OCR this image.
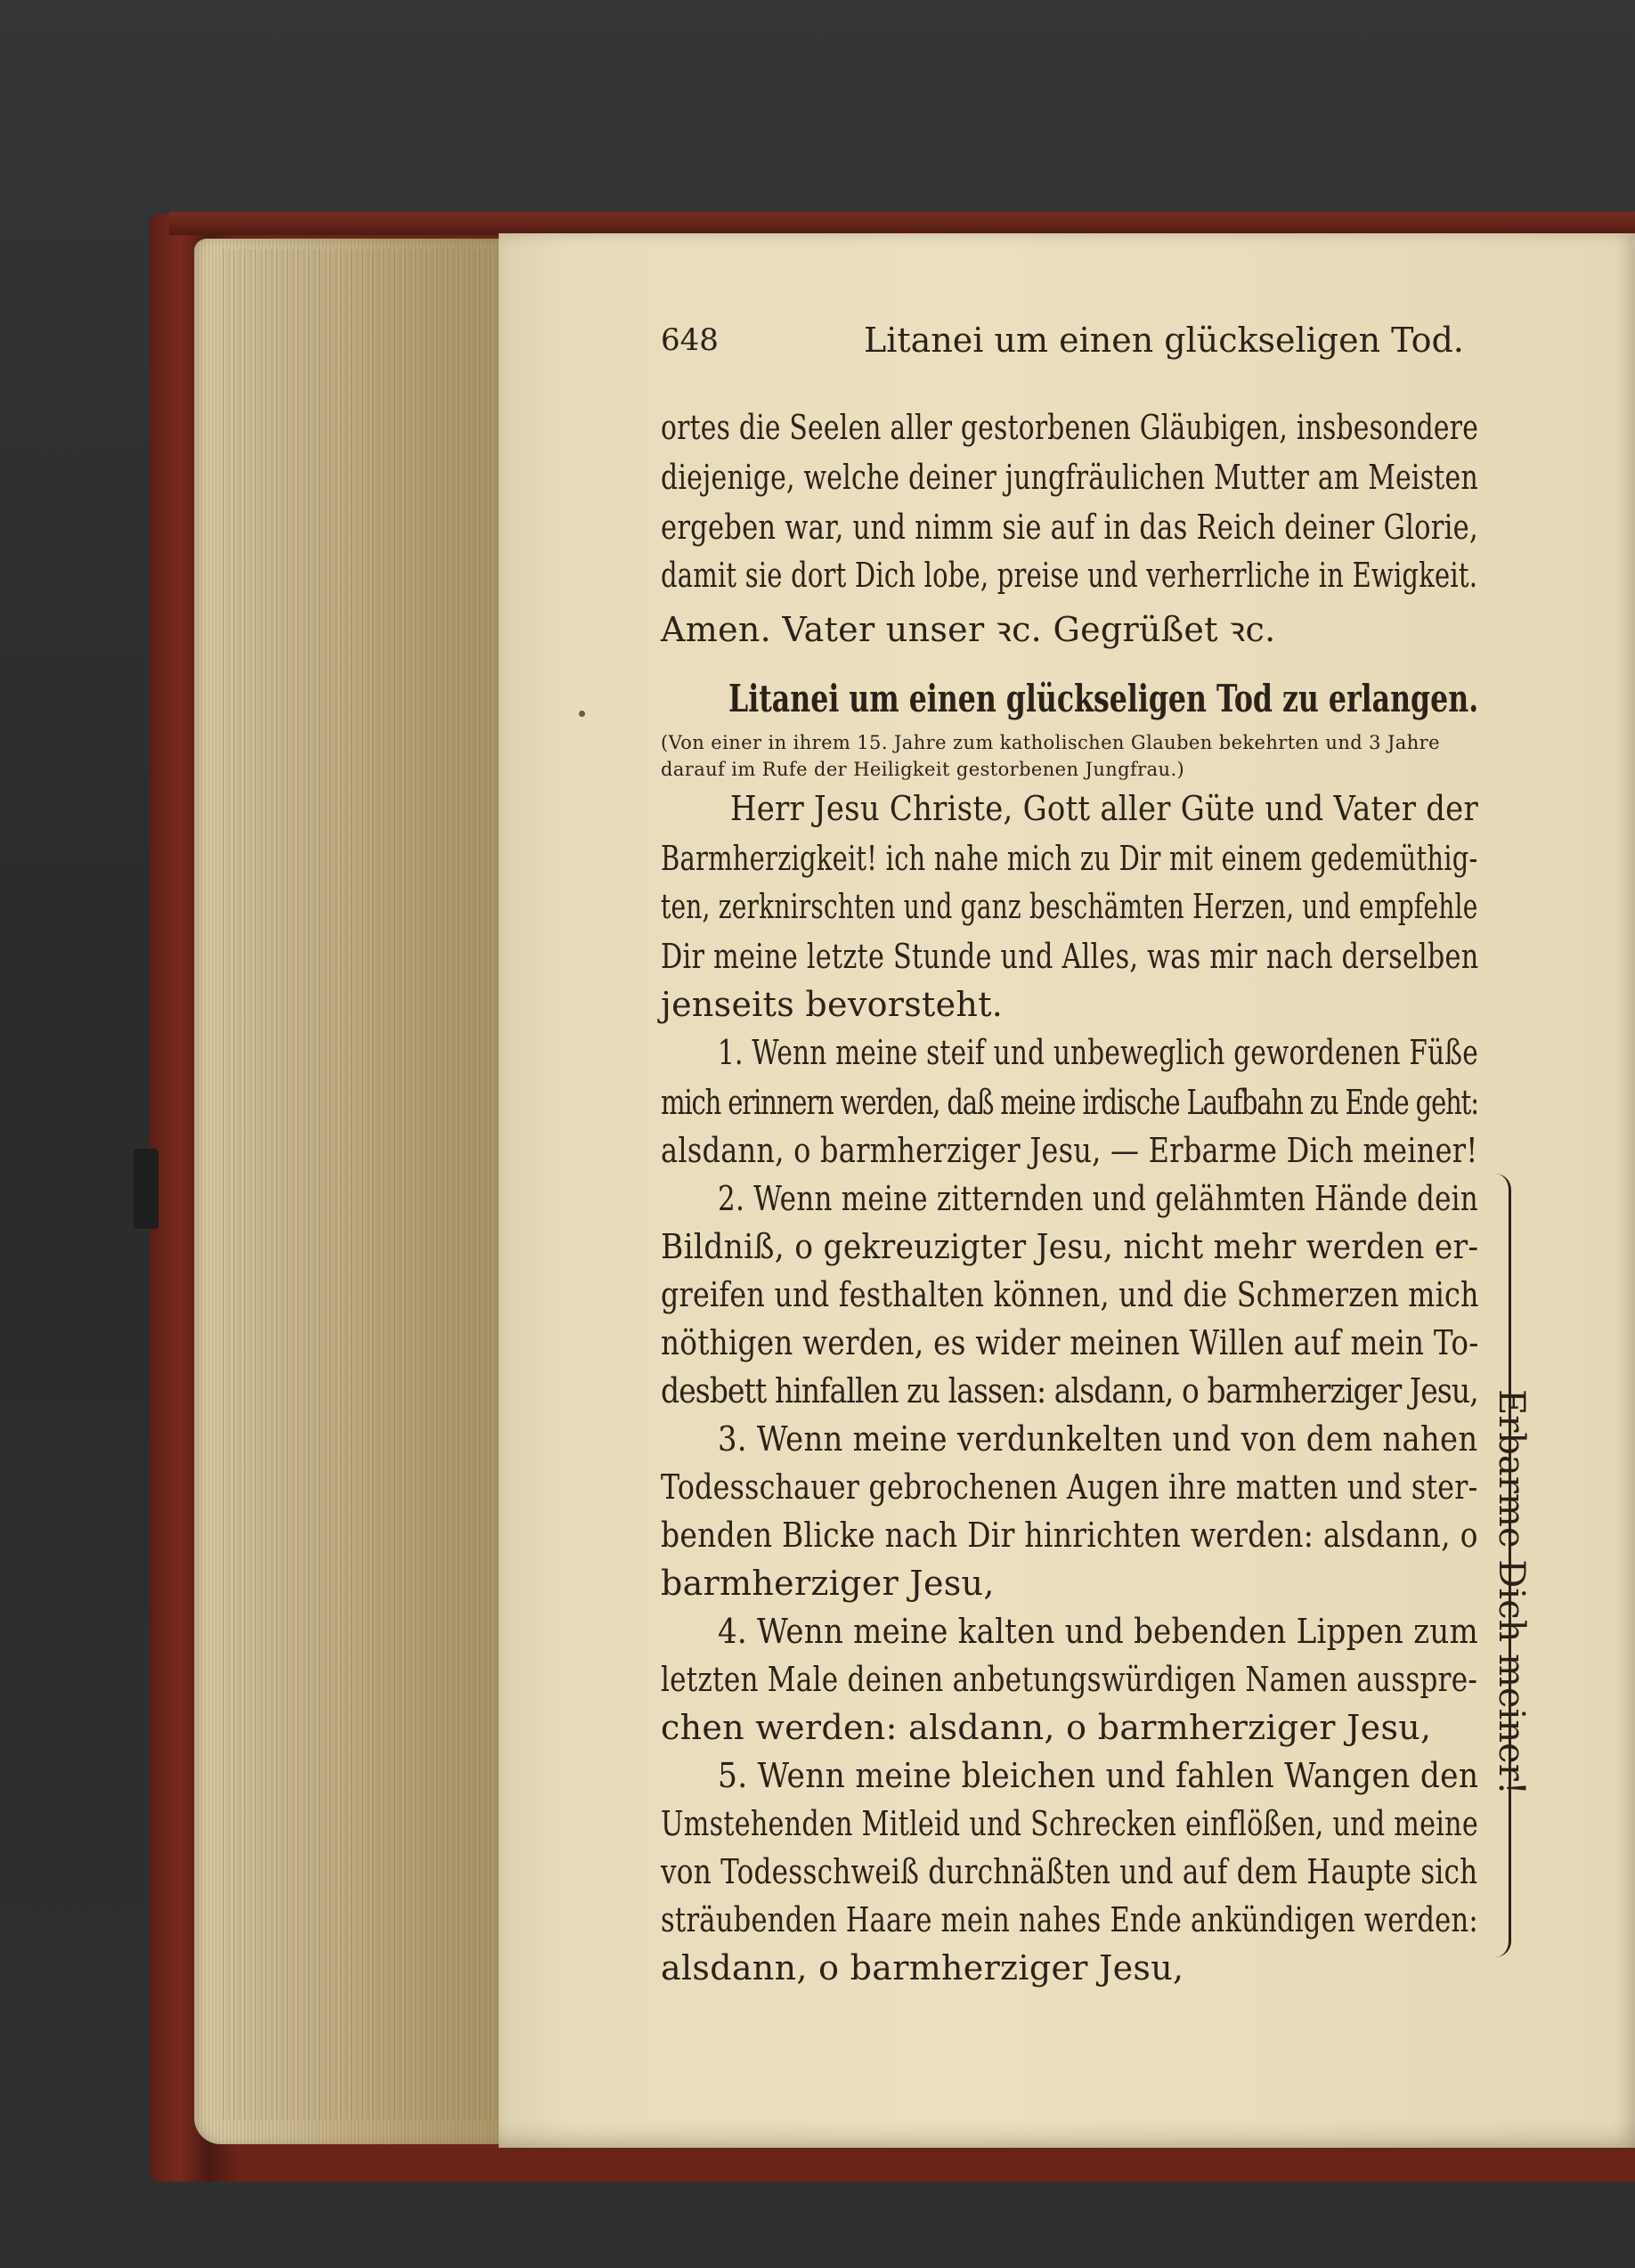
648	Litanei um einen glückseligen Tod.
ortes die Seelen aller gestorbenen Gläubigen, insbesondere
diejenige, welche deiner jungfräulichen Mutter am Meisten
ergeben war, und nimm sie auf in das Reich deiner Glorie,
damit sie dort Dich lobe, preise und verherrliche in Ewigkeit.
Amen. Vater unser ꝛc. Gegrüßet ꝛc.
Litanei um einen glückseligen Tod zu erlangen.
(Von einer in ihrem 15. Jahre zum katholischen Glauben bekehrten und 3 Jahre
darauf im Rufe der Heiligkeit gestorbenen Jungfrau.)
Herr Jesu Christe, Gott aller Güte und Vater der
Barmherzigkeit! ich nahe mich zu Dir mit einem gedemüthig-
ten, zerknirschten und ganz beschämten Herzen, und empfehle
Dir meine letzte Stunde und Alles, was mir nach derselben
jenseits bevorsteht.
1. Wenn meine steif und unbeweglich gewordenen Füße
mich erinnern werden, daß meine irdische Laufbahn zu Ende geht:
alsdann, o barmherziger Jesu, — Erbarme Dich meiner!
2. Wenn meine zitternden und gelähmten Hände dein
Bildniß, o gekreuzigter Jesu, nicht mehr werden er-
greifen und festhalten können, und die Schmerzen mich
nöthigen werden, es wider meinen Willen auf mein To-
desbett hinfallen zu lassen: alsdann, o barmherziger Jesu,
3. Wenn meine verdunkelten und von dem nahen
Todesschauer gebrochenen Augen ihre matten und ster-
benden Blicke nach Dir hinrichten werden: alsdann, o
barmherziger Jesu,
4. Wenn meine kalten und bebenden Lippen zum
letzten Male deinen anbetungswürdigen Namen ausspre-
chen werden: alsdann, o barmherziger Jesu,
5. Wenn meine bleichen und fahlen Wangen den
Umstehenden Mitleid und Schrecken einflößen, und meine
von Todesschweiß durchnäßten und auf dem Haupte sich
sträubenden Haare mein nahes Ende ankündigen werden:
alsdann, o barmherziger Jesu,
Erbarme Dich meiner!
